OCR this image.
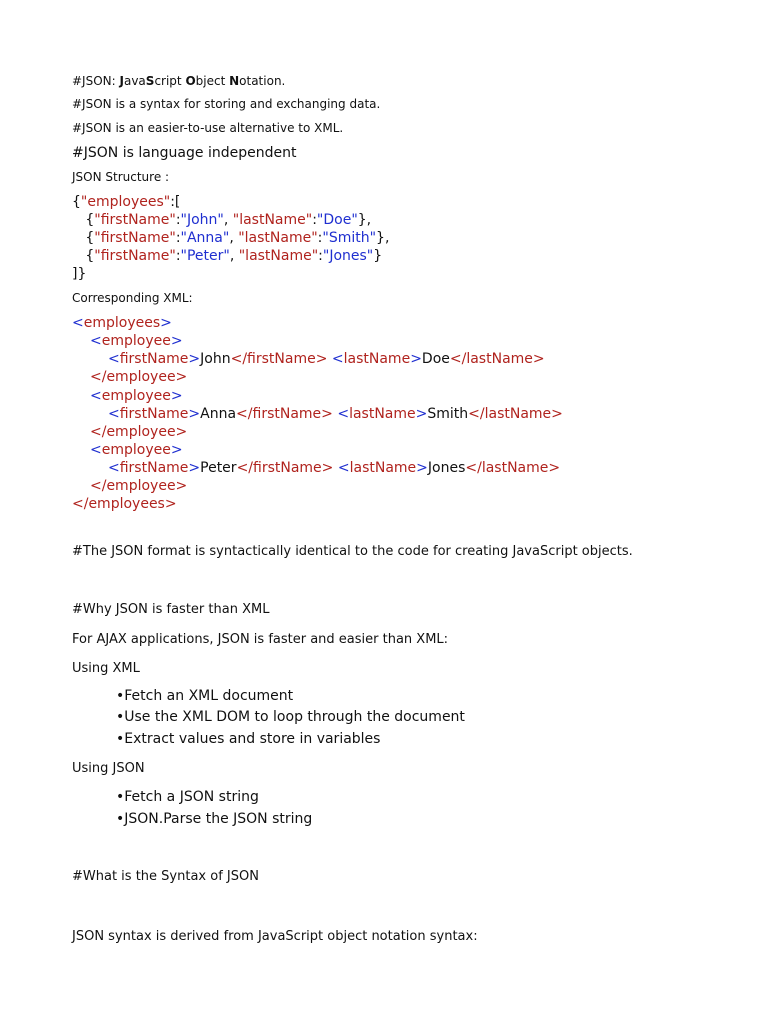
#JSON: JavaScript Object Notation.
#JSON is a syntax for storing and exchanging data.
#JSON is an easier-to-use alternative to XML.
#JSON is language independent
JSON Structure :
{"employees":[
{"firstName":"John", "lastName":"Doe"},
{"firstName":"Anna", "lastName":"Smith"},
{"firstName":"Peter", "lastName":"Jones"}
]}
Corresponding XML:
<employees>
<employee>
<firstName>John</firstName> <lastName>Doe</lastName>
</employee>
<employee>
<firstName>Anna</firstName> <lastName>Smith</lastName>
</employee>
<employee>
<firstName>Peter</firstName> <lastName>Jones</lastName>
</employee>
</employees>
#The JSON format is syntactically identical to the code for creating JavaScript objects.
#Why JSON is faster than XML
For AJAX applications, JSON is faster and easier than XML:
Using XML
•Fetch an XML document
•Use the XML DOM to loop through the document
•Extract values and store in variables
Using JSON
•Fetch a JSON string
•JSON.Parse the JSON string
#What is the Syntax of JSON
JSON syntax is derived from JavaScript object notation syntax:
